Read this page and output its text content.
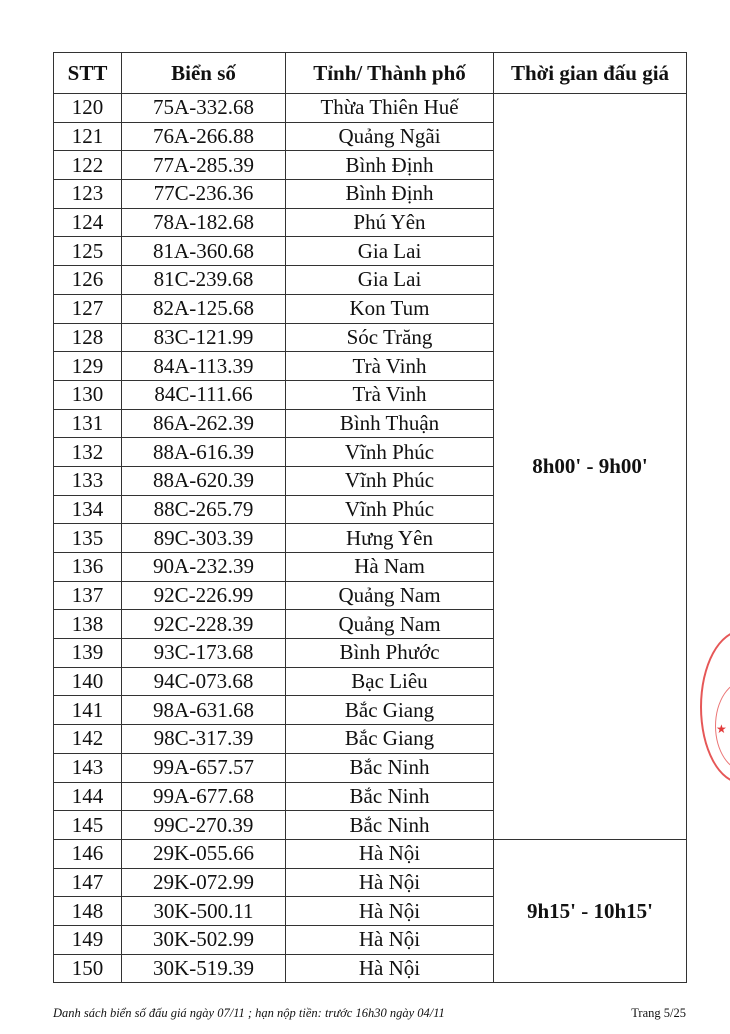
STT	Biển số	Tỉnh/ Thành phố	Thời gian đấu giá
120	75A-332.68	Thừa Thiên Huế	8h00' - 9h00'
121	76A-266.88	Quảng Ngãi	
122	77A-285.39	Bình Định	
123	77C-236.36	Bình Định	
124	78A-182.68	Phú Yên	
125	81A-360.68	Gia Lai	
126	81C-239.68	Gia Lai	
127	82A-125.68	Kon Tum	
128	83C-121.99	Sóc Trăng	
129	84A-113.39	Trà Vinh	
130	84C-111.66	Trà Vinh	
131	86A-262.39	Bình Thuận	
132	88A-616.39	Vĩnh Phúc	
133	88A-620.39	Vĩnh Phúc	
134	88C-265.79	Vĩnh Phúc	
135	89C-303.39	Hưng Yên	
136	90A-232.39	Hà Nam	
137	92C-226.99	Quảng Nam	
138	92C-228.39	Quảng Nam	
139	93C-173.68	Bình Phước	
140	94C-073.68	Bạc Liêu	
141	98A-631.68	Bắc Giang	
142	98C-317.39	Bắc Giang	
143	99A-657.57	Bắc Ninh	
144	99A-677.68	Bắc Ninh	
145	99C-270.39	Bắc Ninh	
146	29K-055.66	Hà Nội	9h15' - 10h15'
147	29K-072.99	Hà Nội	
148	30K-500.11	Hà Nội	
149	30K-502.99	Hà Nội	
150	30K-519.39	Hà Nội	
★
Danh sách biển số đấu giá ngày 07/11 ; hạn nộp tiền: trước 16h30 ngày 04/11	Trang 5/25
